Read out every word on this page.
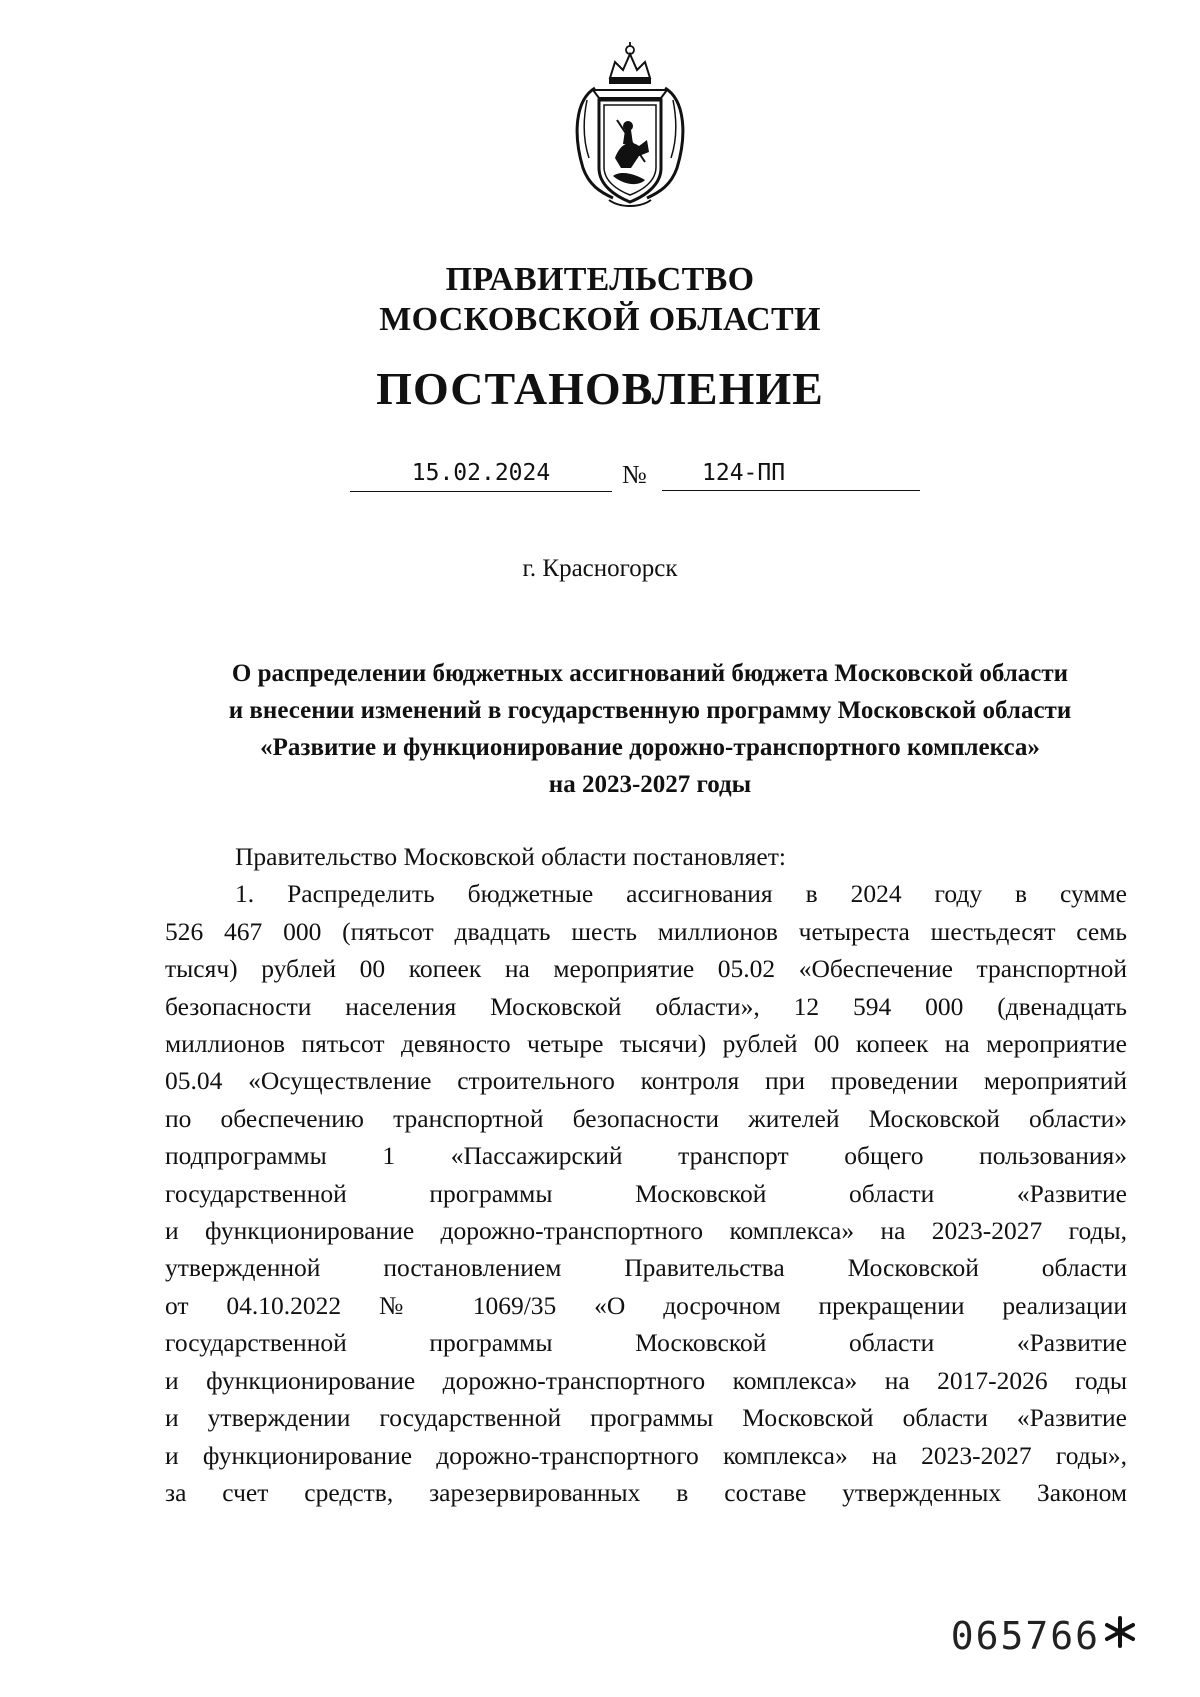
ПРАВИТЕЛЬСТВО
МОСКОВСКОЙ ОБЛАСТИ
ПОСТАНОВЛЕНИЕ
15.02.2024	№	124-ПП
г. Красногорск
О распределении бюджетных ассигнований бюджета Московской области
и внесении изменений в государственную программу Московской области
«Развитие и функционирование дорожно-транспортного комплекса»
на 2023-2027 годы

Правительство Московской области постановляет:

1. Распределить бюджетные ассигнования в 2024 году в сумме
526 467 000 (пятьсот двадцать шесть миллионов четыреста шестьдесят семь
тысяч) рублей 00 копеек на мероприятие 05.02 «Обеспечение транспортной
безопасности населения Московской области», 12 594 000 (двенадцать
миллионов пятьсот девяносто четыре тысячи) рублей 00 копеек на мероприятие
05.04 «Осуществление строительного контроля при проведении мероприятий
по обеспечению транспортной безопасности жителей Московской области»
подпрограммы 1 «Пассажирский транспорт общего пользования»
государственной программы Московской области «Развитие
и функционирование дорожно-транспортного комплекса» на 2023-2027 годы,
утвержденной постановлением Правительства Московской области
от 04.10.2022 № 1069/35 «О досрочном прекращении реализации
государственной программы Московской области «Развитие
и функционирование дорожно-транспортного комплекса» на 2017-2026 годы
и утверждении государственной программы Московской области «Развитие
и функционирование дорожно-транспортного комплекса» на 2023-2027 годы»,
за счет средств, зарезервированных в составе утвержденных Законом
065766
